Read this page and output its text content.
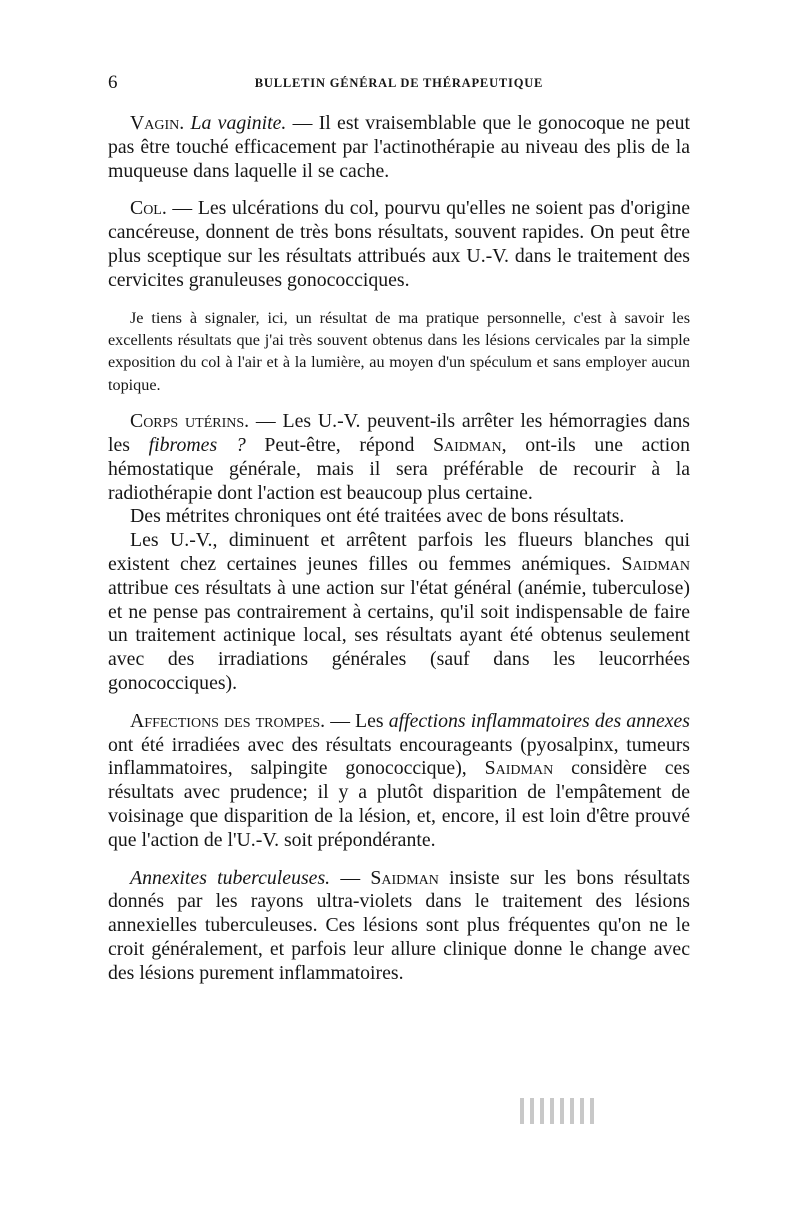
6	BULLETIN GÉNÉRAL DE THÉRAPEUTIQUE

Vagin. La vaginite. — Il est vraisemblable que le gonocoque ne peut pas être touché efficacement par l'actinothérapie au niveau des plis de la muqueuse dans laquelle il se cache.

Col. — Les ulcérations du col, pourvu qu'elles ne soient pas d'origine cancéreuse, donnent de très bons résultats, souvent rapides. On peut être plus sceptique sur les résultats attribués aux U.-V. dans le traitement des cervicites granuleuses gonococciques.

Je tiens à signaler, ici, un résultat de ma pratique personnelle, c'est à savoir les excellents résultats que j'ai très souvent obtenus dans les lésions cervicales par la simple exposition du col à l'air et à la lumière, au moyen d'un spéculum et sans employer aucun topique.

Corps utérins. — Les U.-V. peuvent-ils arrêter les hémorragies dans les fibromes ? Peut-être, répond Saidman, ont-ils une action hémostatique générale, mais il sera préférable de recourir à la radiothérapie dont l'action est beaucoup plus certaine.

Des métrites chroniques ont été traitées avec de bons résultats.

Les U.-V., diminuent et arrêtent parfois les flueurs blanches qui existent chez certaines jeunes filles ou femmes anémiques. Saidman attribue ces résultats à une action sur l'état général (anémie, tuberculose) et ne pense pas contrairement à certains, qu'il soit indispensable de faire un traitement actinique local, ses résultats ayant été obtenus seulement avec des irradiations générales (sauf dans les leucorrhées gonococciques).

Affections des trompes. — Les affections inflammatoires des annexes ont été irradiées avec des résultats encourageants (pyosalpinx, tumeurs inflammatoires, salpingite gonococcique), Saidman considère ces résultats avec prudence; il y a plutôt disparition de l'empâtement de voisinage que disparition de la lésion, et, encore, il est loin d'être prouvé que l'action de l'U.-V. soit prépondérante.

Annexites tuberculeuses. — Saidman insiste sur les bons résultats donnés par les rayons ultra-violets dans le traitement des lésions annexielles tuberculeuses. Ces lésions sont plus fréquentes qu'on ne le croit généralement, et parfois leur allure clinique donne le change avec des lésions purement inflammatoires.
